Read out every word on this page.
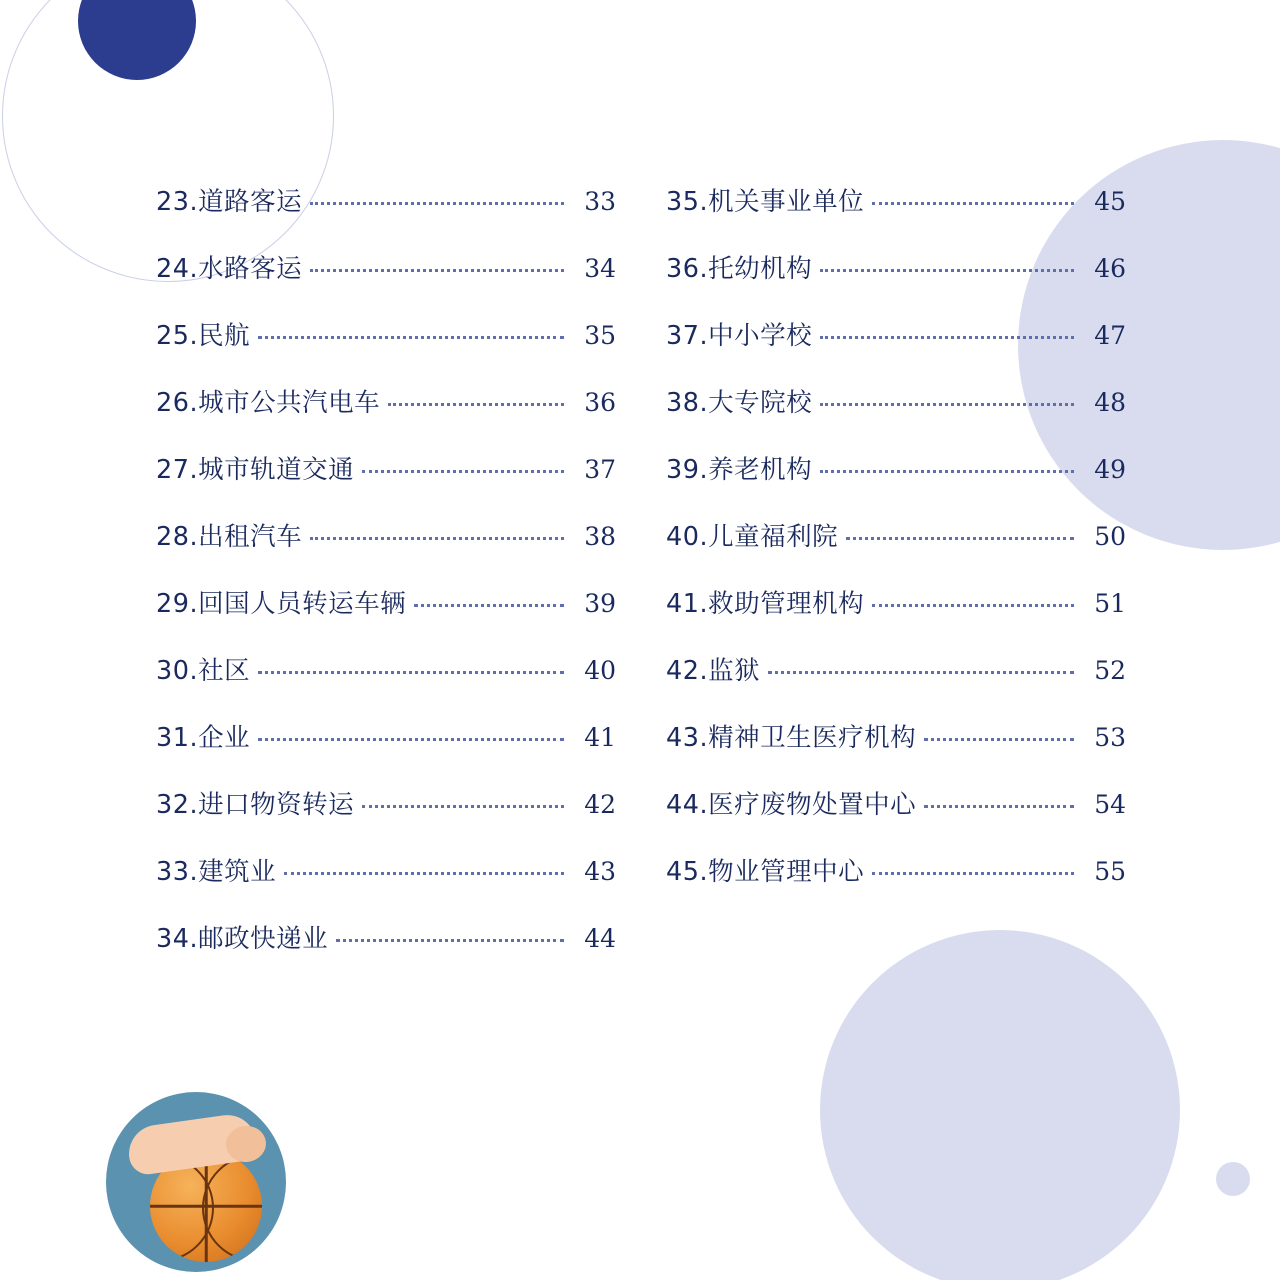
23. 道路客运	33
24. 水路客运	34
25. 民航	35
26. 城市公共汽电车	36
27. 城市轨道交通	37
28. 出租汽车	38
29. 回国人员转运车辆	39
30. 社区	40
31. 企业	41
32. 进口物资转运	42
33. 建筑业	43
34. 邮政快递业	44
35. 机关事业单位	45
36. 托幼机构	46
37. 中小学校	47
38. 大专院校	48
39. 养老机构	49
40. 儿童福利院	50
41. 救助管理机构	51
42. 监狱	52
43. 精神卫生医疗机构	53
44. 医疗废物处置中心	54
45. 物业管理中心	55
